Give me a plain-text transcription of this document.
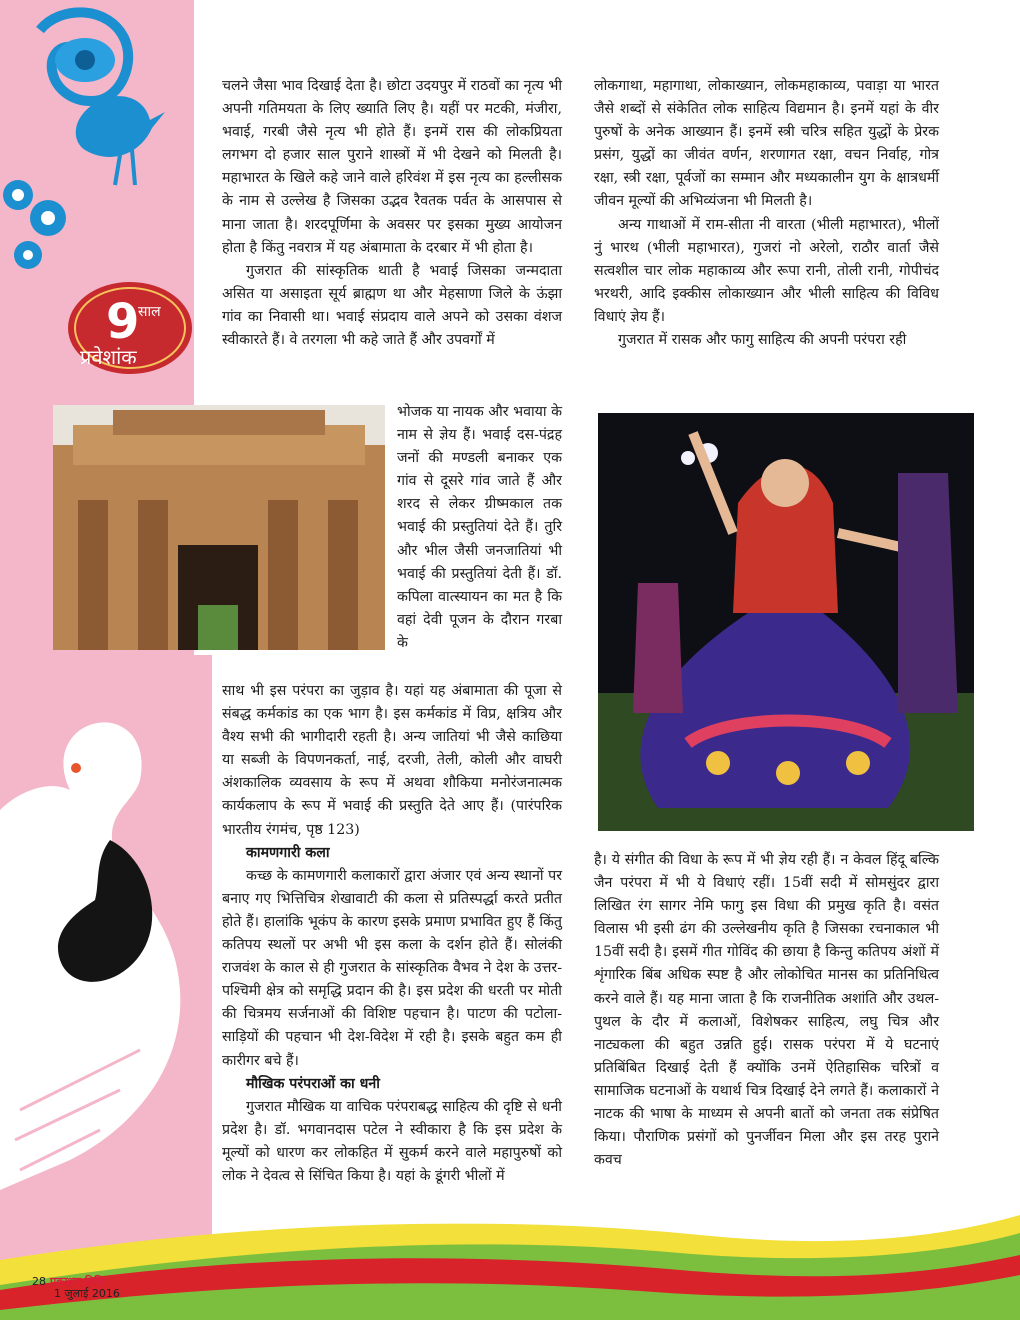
9
साल
प्रवेशांक

चलने जैसा भाव दिखाई देता है। छोटा उदयपुर में राठवों का नृत्य भी अपनी गतिमयता के लिए ख्याति लिए है। यहीं पर मटकी, मंजीरा, भवाई, गरबी जैसे नृत्य भी होते हैं। इनमें रास की लोकप्रियता लगभग दो हजार साल पुराने शास्त्रों में भी देखने को मिलती है। महाभारत के खिले कहे जाने वाले हरिवंश में इस नृत्य का हल्लीसक के नाम से उल्लेख है जिसका उद्भव रैवतक पर्वत के आसपास से माना जाता है। शरदपूर्णिमा के अवसर पर इसका मुख्य आयोजन होता है किंतु नवरात्र में यह अंबामाता के दरबार में भी होता है।

गुजरात की सांस्कृतिक थाती है भवाई जिसका जन्मदाता असित या असाइता सूर्य ब्राह्मण था और मेहसाणा जिले के ऊंझा गांव का निवासी था। भवाई संप्रदाय वाले अपने को उसका वंशज स्वीकारते हैं। वे तरगला भी कहे जाते हैं और उपवर्गों में

भोजक या नायक और भवाया के नाम से ज्ञेय हैं। भवाई दस-पंद्रह जनों की मण्डली बनाकर एक गांव से दूसरे गांव जाते हैं और शरद से लेकर ग्रीष्मकाल तक भवाई की प्रस्तुतियां देते हैं। तुरि और भील जैसी जनजातियां भी भवाई की प्रस्तुतियां देती हैं। डॉ. कपिला वात्स्यायन का मत है कि वहां देवी पूजन के दौरान गरबा के

साथ भी इस परंपरा का जुड़ाव है। यहां यह अंबामाता की पूजा से संबद्ध कर्मकांड का एक भाग है। इस कर्मकांड में विप्र, क्षत्रिय और वैश्य सभी की भागीदारी रहती है। अन्य जातियां भी जैसे काछिया या सब्जी के विपणनकर्ता, नाई, दरजी, तेली, कोली और वाघरी अंशकालिक व्यवसाय के रूप में अथवा शौकिया मनोरंजनात्मक कार्यकलाप के रूप में भवाई की प्रस्तुति देते आए हैं। (पारंपरिक भारतीय रंगमंच, पृष्ठ 123)

कामणगारी कला

कच्छ के कामणगारी कलाकारों द्वारा अंजार एवं अन्य स्थानों पर बनाए गए भित्तिचित्र शेखावाटी की कला से प्रतिस्पर्द्धा करते प्रतीत होते हैं। हालांकि भूकंप के कारण इसके प्रमाण प्रभावित हुए हैं किंतु कतिपय स्थलों पर अभी भी इस कला के दर्शन होते हैं। सोलंकी राजवंश के काल से ही गुजरात के सांस्कृतिक वैभव ने देश के उत्तर-पश्चिमी क्षेत्र को समृद्धि प्रदान की है। इस प्रदेश की धरती पर मोती की चित्रमय सर्जनाओं की विशिष्ट पहचान है। पाटण की पटोला-साड़ियों की पहचान भी देश-विदेश में रही है। इसके बहुत कम ही कारीगर बचे हैं।

मौखिक परंपराओं का धनी

गुजरात मौखिक या वाचिक परंपराबद्ध साहित्य की दृष्टि से धनी प्रदेश है। डॉ. भगवानदास पटेल ने स्वीकारा है कि इस प्रदेश के मूल्यों को धारण कर लोकहित में सुकर्म करने वाले महापुरुषों को लोक ने देवत्व से सिंचित किया है। यहां के डूंगरी भीलों में

लोकगाथा, महागाथा, लोकाख्यान, लोकमहाकाव्य, पवाड़ा या भारत जैसे शब्दों से संकेतित लोक साहित्य विद्यमान है। इनमें यहां के वीर पुरुषों के अनेक आख्यान हैं। इनमें स्त्री चरित्र सहित युद्धों के प्रेरक प्रसंग, युद्धों का जीवंत वर्णन, शरणागत रक्षा, वचन निर्वाह, गोत्र रक्षा, स्त्री रक्षा, पूर्वजों का सम्मान और मध्यकालीन युग के क्षात्रधर्मी जीवन मूल्यों की अभिव्यंजना भी मिलती है।

अन्य गाथाओं में राम-सीता नी वारता (भीली महाभारत), भीलों नुं भारथ (भीली महाभारत), गुजरां नो अरेलो, राठौर वार्ता जैसे सत्वशील चार लोक महाकाव्य और रूपा रानी, तोली रानी, गोपीचंद भरथरी, आदि इक्कीस लोकाख्यान और भीली साहित्य की विविध विधाएं ज्ञेय हैं।

गुजरात में रासक और फागु साहित्य की अपनी परंपरा रही

है। ये संगीत की विधा के रूप में भी ज्ञेय रही हैं। न केवल हिंदू बल्कि जैन परंपरा में भी ये विधाएं रहीं। 15वीं सदी में सोमसुंदर द्वारा लिखित रंग सागर नेमि फागु इस विधा की प्रमुख कृति है। वसंत विलास भी इसी ढंग की उल्लेखनीय कृति है जिसका रचनाकाल भी 15वीं सदी है। इसमें गीत गोविंद की छाया है किन्तु कतिपय अंशों में शृंगारिक बिंब अधिक स्पष्ट है और लोकोचित मानस का प्रतिनिधित्व करने वाले हैं। यह माना जाता है कि राजनीतिक अशांति और उथल-पुथल के दौर में कलाओं, विशेषकर साहित्य, लघु चित्र और नाट्यकला की बहुत उन्नति हुई। रासक परंपरा में ये घटनाएं प्रतिबिंबित दिखाई देती हैं क्योंकि उनमें ऐतिहासिक चरित्रों व सामाजिक घटनाओं के यथार्थ चित्र दिखाई देने लगते हैं। कलाकारों ने नाटक की भाषा के माध्यम से अपनी बातों को जनता तक संप्रेषित किया। पौराणिक प्रसंगों को पुनर्जीवन मिला और इस तरह पुराने कवच

28 प्रकाशन तिथि
1 जुलाई 2016
